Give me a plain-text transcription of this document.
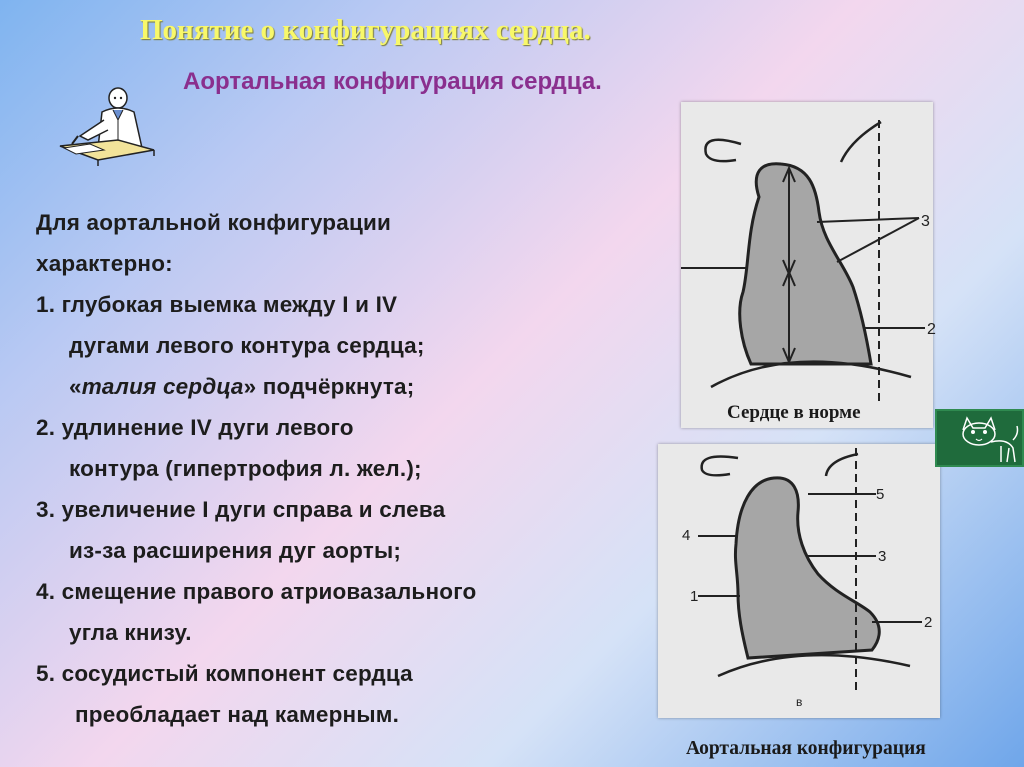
Понятие о конфигурациях сердца.
Аортальная конфигурация сердца.
Для аортальной конфигурации
характерно:
1. глубокая выемка между I и IV
дугами левого контура сердца;
«талия сердца» подчёркнута;
2. удлинение IV дуги левого
контура (гипертрофия л. жел.);
3. увеличение I дуги справа и слева
из-за расширения дуг аорты;
4. смещение правого атриовазального
угла книзу.
5. сосудистый компонент сердца
преобладает над камерным.
3
2
Сердце в норме
5
4
3
1
2
в
Аортальная конфигурация
